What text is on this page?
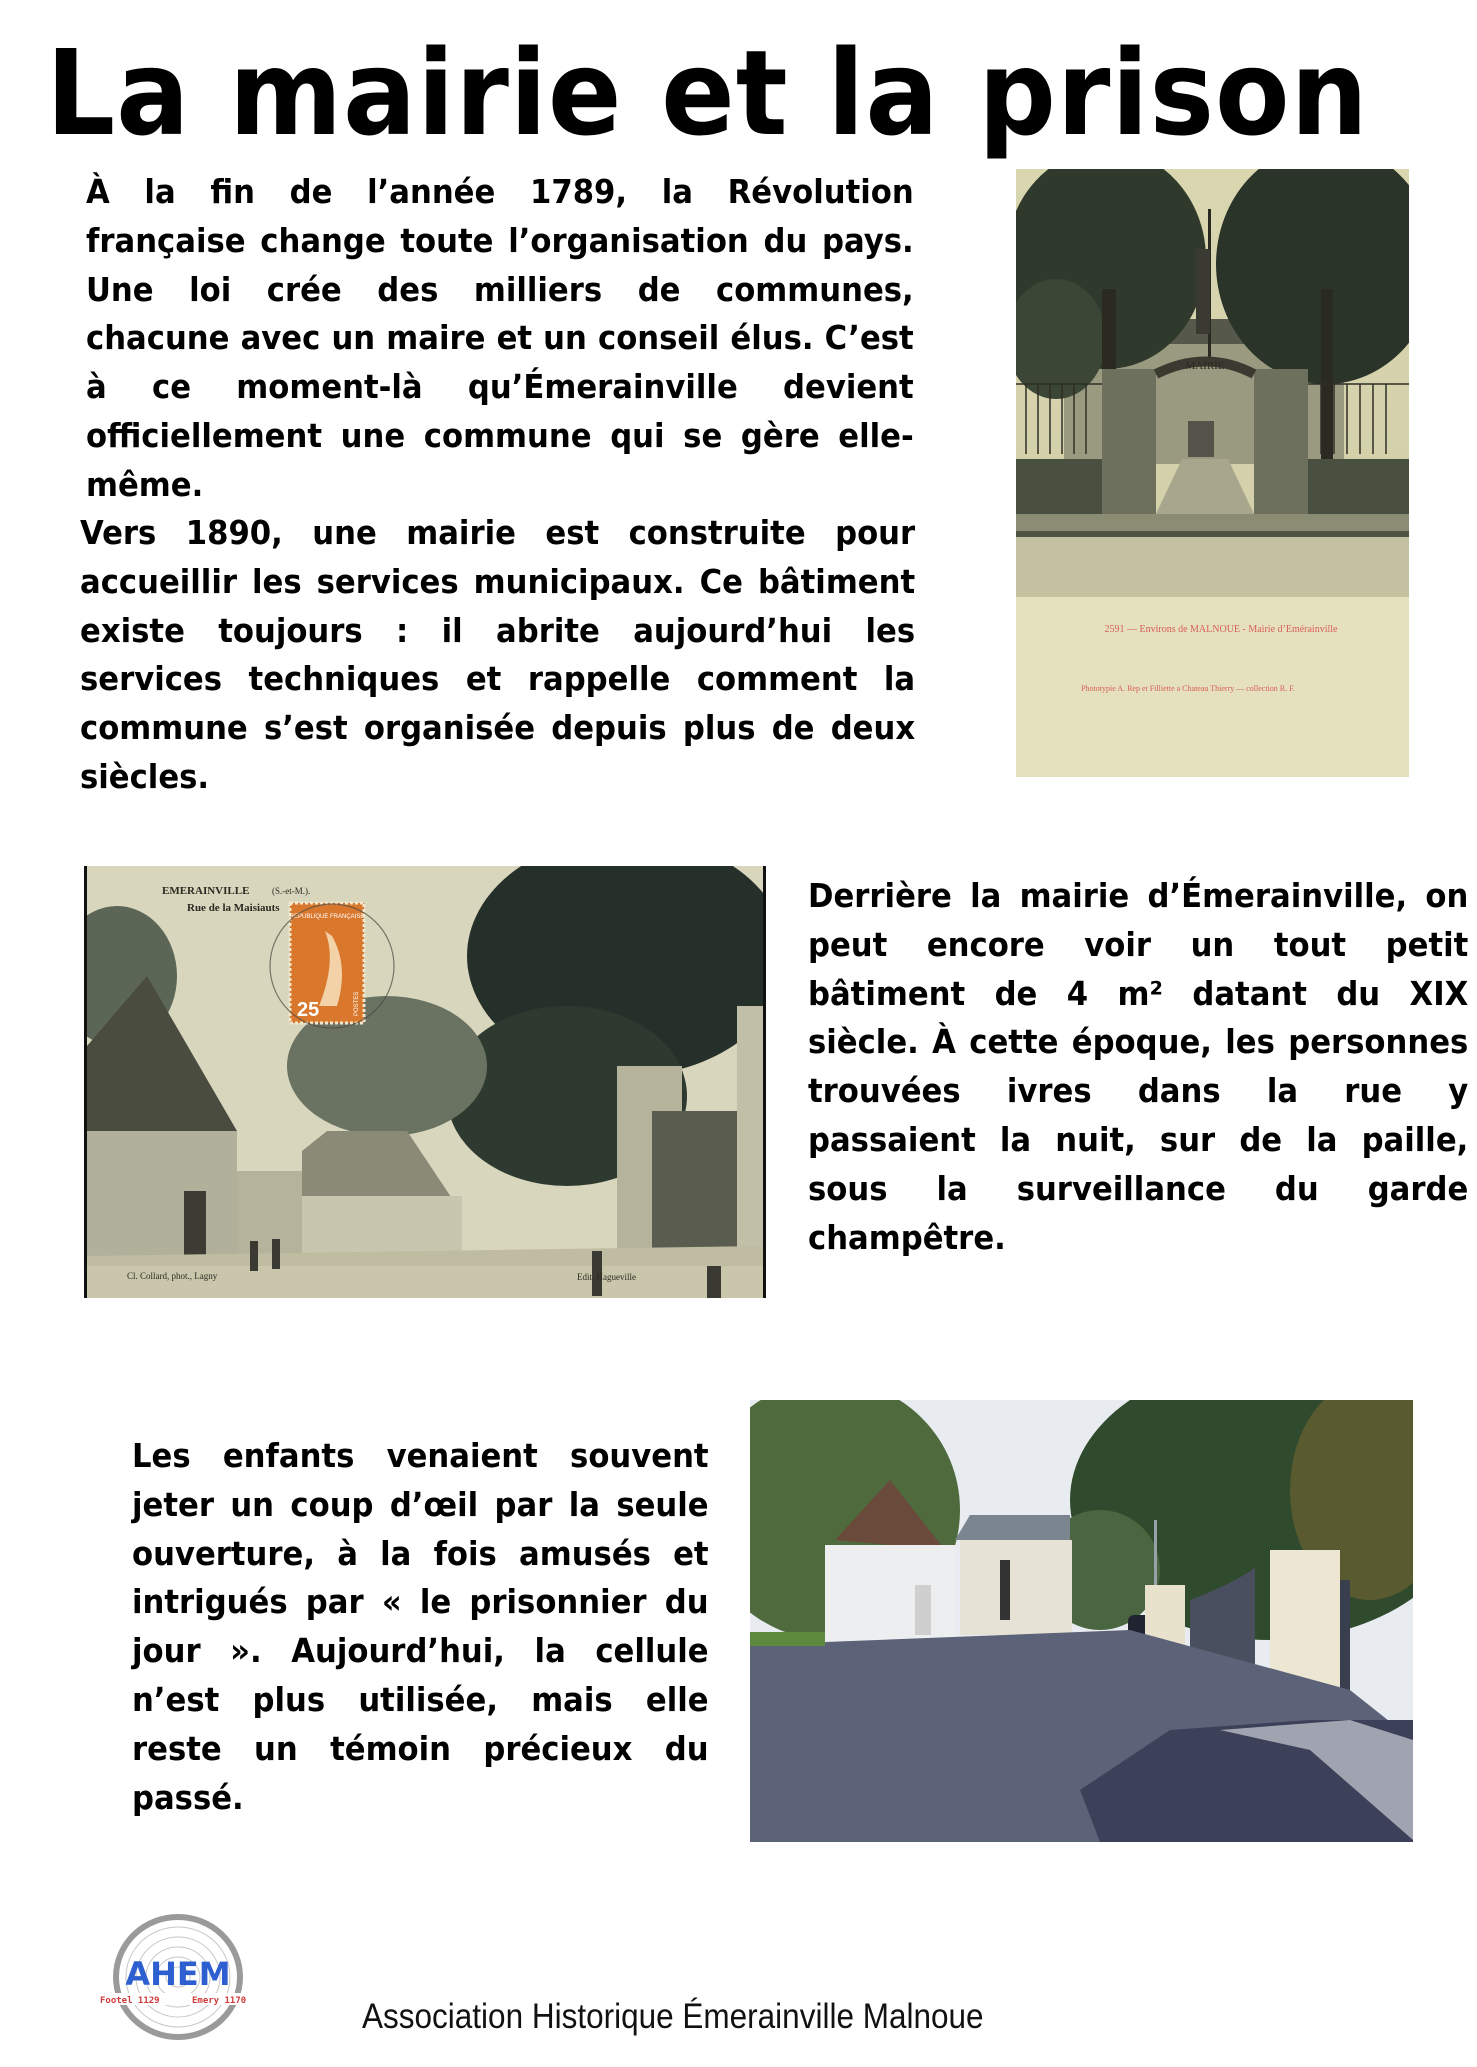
La mairie et la prison

À la fin de l’année 1789, la Révolution française change toute l’organisation du pays. Une loi crée des milliers de communes, chacune avec un maire et un conseil élus. C’est à ce moment-là qu’Émerainville devient officiellement une commune qui se gère elle-même.

Vers 1890, une mairie est construite pour accueillir les services municipaux. Ce bâtiment existe toujours : il abrite aujourd’hui les services techniques et rappelle comment la commune s’est organisée depuis plus de deux siècles.

MAIRIE
2591 — Environs de MALNOUE - Mairie d’Emérainville
Phototypie A. Rep et Filliette a Chateau Thierry — collection R. F.
EMERAINVILLE	(S.-et-M.).
Rue de la Maisiauts
REPUBLIQUE FRANÇAISE
25	POSTES
Cl. Collard, phot., Lagny	Edit. Hagueville

Derrière la mairie d’Émerainville, on peut encore voir un tout petit bâtiment de 4 m² datant du XIX siècle. À cette époque, les personnes trouvées ivres dans la rue y passaient la nuit, sur de la paille, sous la surveillance du garde champêtre.

Les enfants venaient souvent jeter un coup d’œil par la seule ouverture, à la fois amusés et intrigués par « le prisonnier du jour ». Aujourd’hui, la cellule n’est plus utilisée, mais elle reste un témoin précieux du passé.

AHEM
Footel 1129	Emery 1170	Association Historique Émerainville Malnoue
